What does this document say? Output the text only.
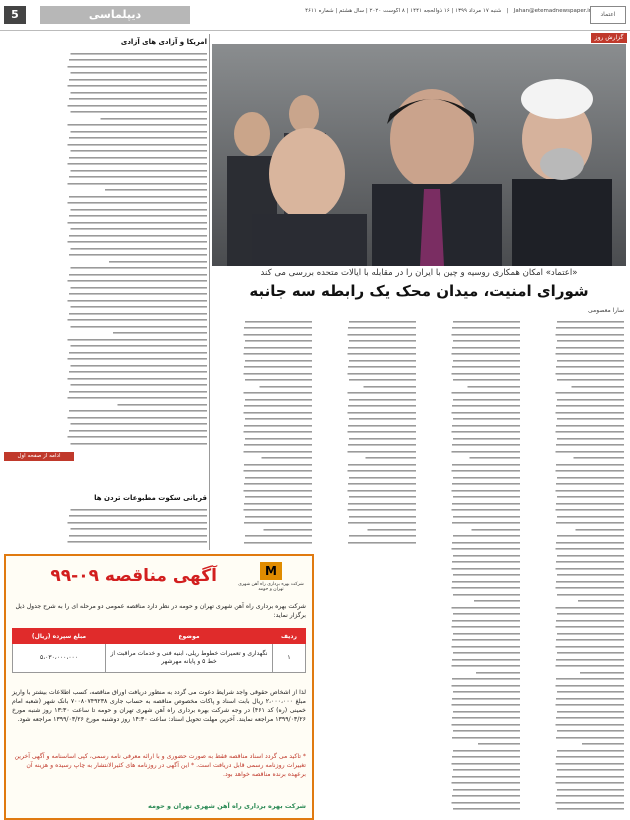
5	دیپلماسی	Jahan@etemadnewspaper.ir   |   شنبه ۱۷ مرداد ۱۳۹۹ | ۱۶ ذوالحجه ۱۴۴۱ | ۸ آگوست ۲۰۲۰ | سال هشتم | شماره ۴۶۱۱	اعتماد
گزارش روز
«اعتماد» امکان همکاری روسیه و چین با ایران را در مقابله با ایالات متحده بررسی می کند
شورای امنیت، میدان محک یک رابطه سه جانبه
سارا معصومی
امریکا و آزادی های آزادی
ادامه از صفحه اول
قربانی سکوت مطبوعات تردن ها
M
شرکت بهره برداری راه آهن شهری تهران و حومه
آگهی مناقصه ۰۹-۹۹
شرکت بهره برداری راه آهن شهری تهران و حومه در نظر دارد مناقصه عمومی دو مرحله ای را به شرح جدول ذیل برگزار نماید:
ردیف	موضوع	مبلغ سپرده (ریال)
۱	نگهداری و تعمیرات خطوط ریلی، ابنیه فنی و خدمات مراقبت از خط ۵ و پایانه مهرشهر	۵،۰۳۰،۰۰۰،۰۰۰
لذا از اشخاص حقوقی واجد شرایط دعوت می گردد به منظور دریافت اوراق مناقصه، کسب اطلاعات بیشتر با واریز مبلغ ۲،۰۰۰،۰۰۰ ریال بابت اسناد و پاکات مخصوص مناقصه به حساب جاری ۷۰۰۸۰۷۴۹۲۳۸ بانک شهر (شعبه امام خمینی (ره) کد ۴۶۱) در وجه شرکت بهره برداری راه آهن شهری تهران و حومه تا ساعت ۱۳:۳۰ روز شنبه مورخ ۱۳۹۹/۰۳/۲۶ مراجعه نمایند. آخرین مهلت تحویل اسناد: ساعت ۱۴:۳۰ روز دوشنبه مورخ ۱۳۹۹/۰۳/۲۶ مراجعه شود.
* تاکید می گردد اسناد مناقصه فقط به صورت حضوری و با ارائه معرفی نامه رسمی، کپی اساسنامه و آگهی آخرین تغییرات روزنامه رسمی قابل دریافت است. * این آگهی در روزنامه های کثیرالانتشار به چاپ رسیده و هزینه آن برعهده برنده مناقصه خواهد بود.
شرکت بهره برداری راه آهن شهری تهران و حومه
